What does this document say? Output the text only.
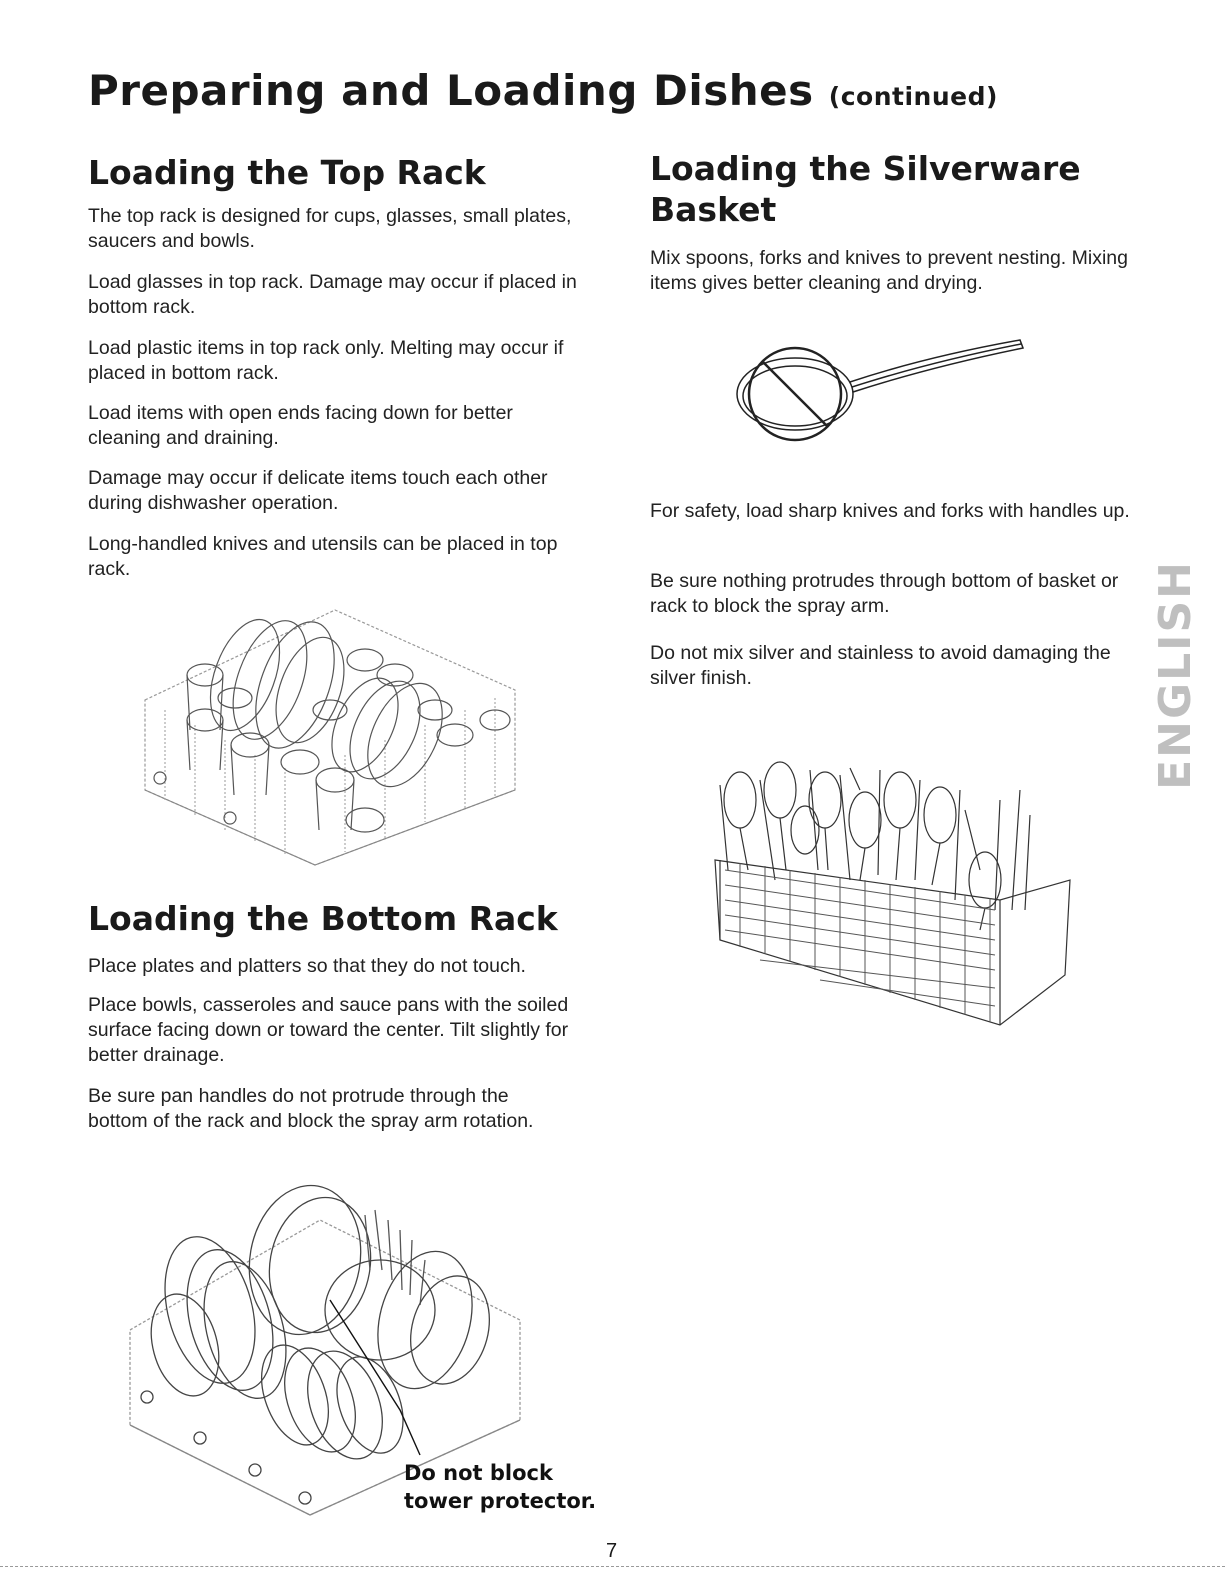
Preparing and Loading Dishes (continued)
Loading the Top Rack

The top rack is designed for cups, glasses, small plates, saucers and bowls.

Load glasses in top rack. Damage may occur if placed in bottom rack.

Load plastic items in top rack only. Melting may occur if placed in bottom rack.

Load items with open ends facing down for better cleaning and draining.

Damage may occur if delicate items touch each other during dishwasher operation.

Long-handled knives and utensils can be placed in top rack.

Loading the Bottom Rack

Place plates and platters so that they do not touch.

Place bowls, casseroles and sauce pans with the soiled surface facing down or toward the center. Tilt slightly for better drainage.

Be sure pan handles do not protrude through the bottom of the rack and block the spray arm rotation.

Do not block
tower protector.

Loading the Silverware
Basket

Mix spoons, forks and knives to prevent nesting. Mixing items gives better cleaning and drying.

For safety, load sharp knives and forks with handles up.

Be sure nothing protrudes through bottom of basket or rack to block the spray arm.

Do not mix silver and stainless to avoid damaging the silver finish.	ENGLISH
7
